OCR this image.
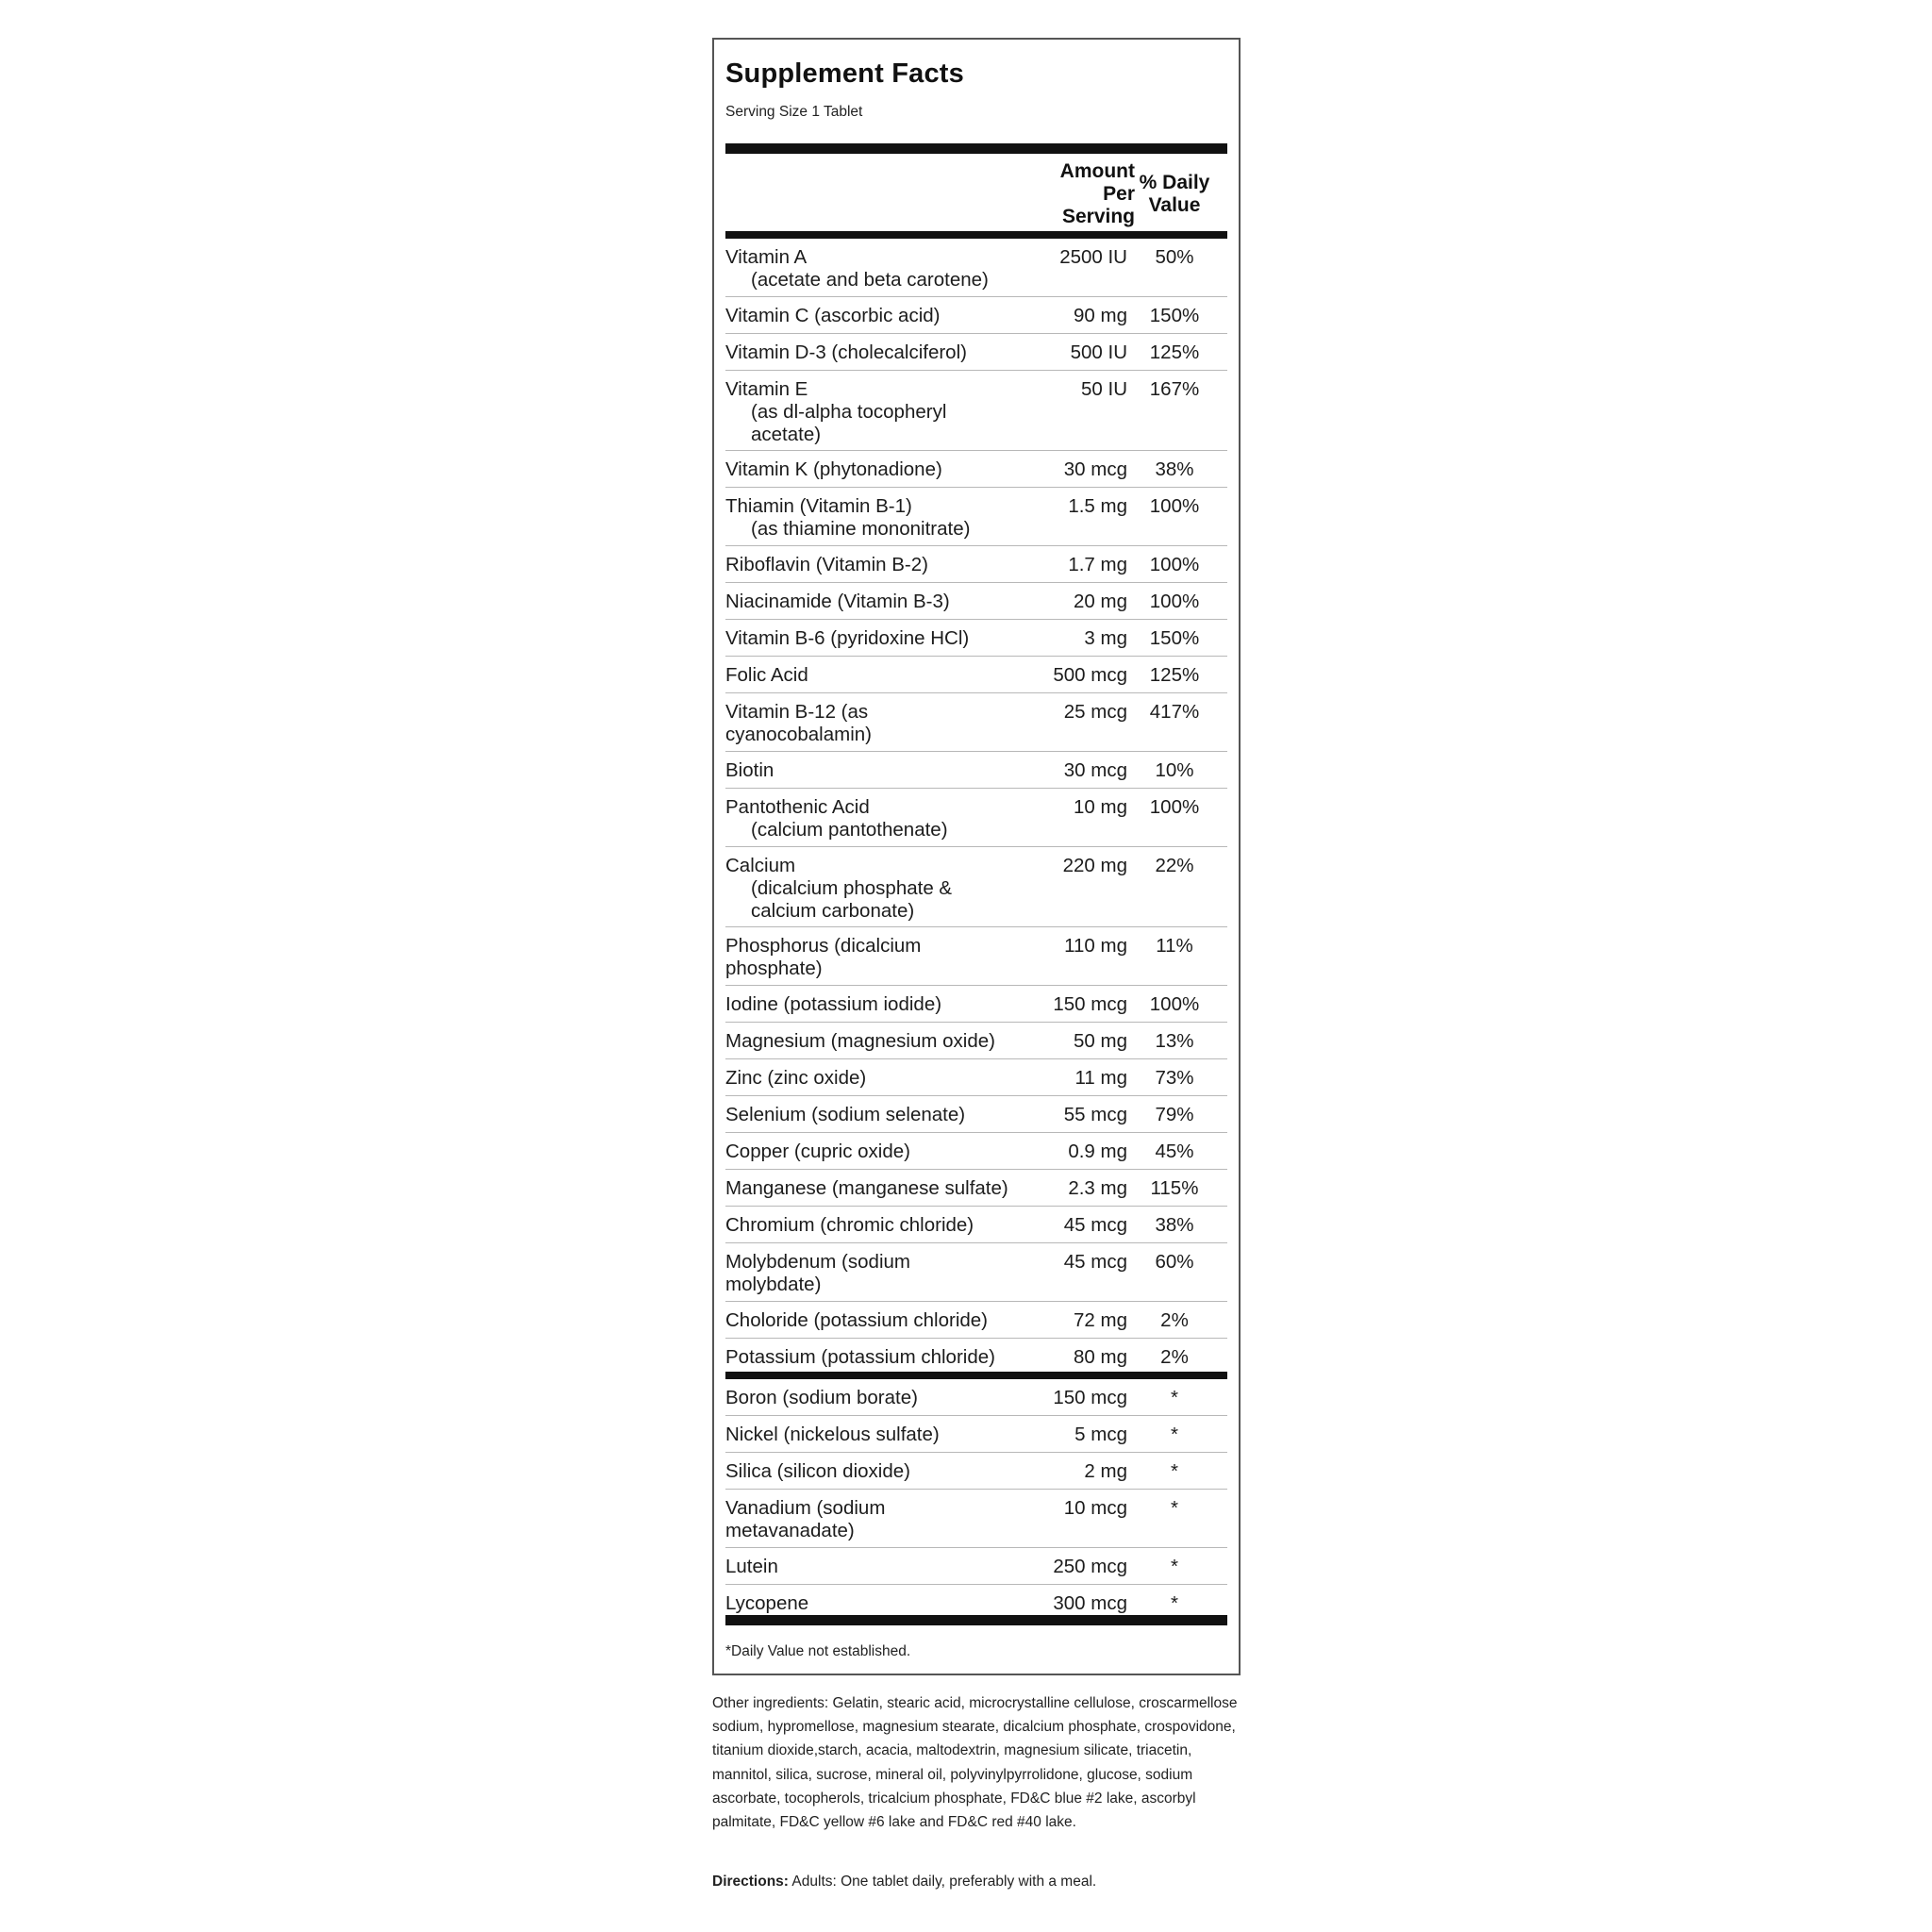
Supplement Facts
Serving Size 1 Tablet
Amount
Per
Serving
% Daily
Value
Vitamin A
(acetate and beta carotene)
2500 IU	50%
Vitamin C (ascorbic acid)	90 mg	150%
Vitamin D-3 (cholecalciferol)	500 IU	125%
Vitamin E
(as dl-alpha tocopheryl
acetate)
50 IU	167%
Vitamin K (phytonadione)	30 mcg	38%
Thiamin (Vitamin B-1)
(as thiamine mononitrate)
1.5 mg	100%
Riboflavin (Vitamin B-2)	1.7 mg	100%
Niacinamide (Vitamin B-3)	20 mg	100%
Vitamin B-6 (pyridoxine HCl)	3 mg	150%
Folic Acid	500 mcg	125%
Vitamin B-12 (as
cyanocobalamin)
25 mcg	417%
Biotin	30 mcg	10%
Pantothenic Acid
(calcium pantothenate)
10 mg	100%
Calcium
(dicalcium phosphate &
calcium carbonate)
220 mg	22%
Phosphorus (dicalcium
phosphate)
110 mg	11%
Iodine (potassium iodide)	150 mcg	100%
Magnesium (magnesium oxide)	50 mg	13%
Zinc (zinc oxide)	11 mg	73%
Selenium (sodium selenate)	55 mcg	79%
Copper (cupric oxide)	0.9 mg	45%
Manganese (manganese sulfate)	2.3 mg	115%
Chromium (chromic chloride)	45 mcg	38%
Molybdenum (sodium
molybdate)
45 mcg	60%
Choloride (potassium chloride)	72 mg	2%
Potassium (potassium chloride)	80 mg	2%
Boron (sodium borate)	150 mcg	*
Nickel (nickelous sulfate)	5 mcg	*
Silica (silicon dioxide)	2 mg	*
Vanadium (sodium
metavanadate)
10 mcg	*
Lutein	250 mcg	*
Lycopene	300 mcg	*
*Daily Value not established.
Other ingredients: Gelatin, stearic acid, microcrystalline cellulose, croscarmellose sodium, hypromellose, magnesium stearate, dicalcium phosphate, crospovidone, titanium dioxide,starch, acacia, maltodextrin, magnesium silicate, triacetin, mannitol, silica, sucrose, mineral oil, polyvinylpyrrolidone, glucose, sodium ascorbate, tocopherols, tricalcium phosphate, FD&C blue #2 lake, ascorbyl palmitate, FD&C yellow #6 lake and FD&C red #40 lake.
Directions: Adults: One tablet daily, preferably with a meal.
